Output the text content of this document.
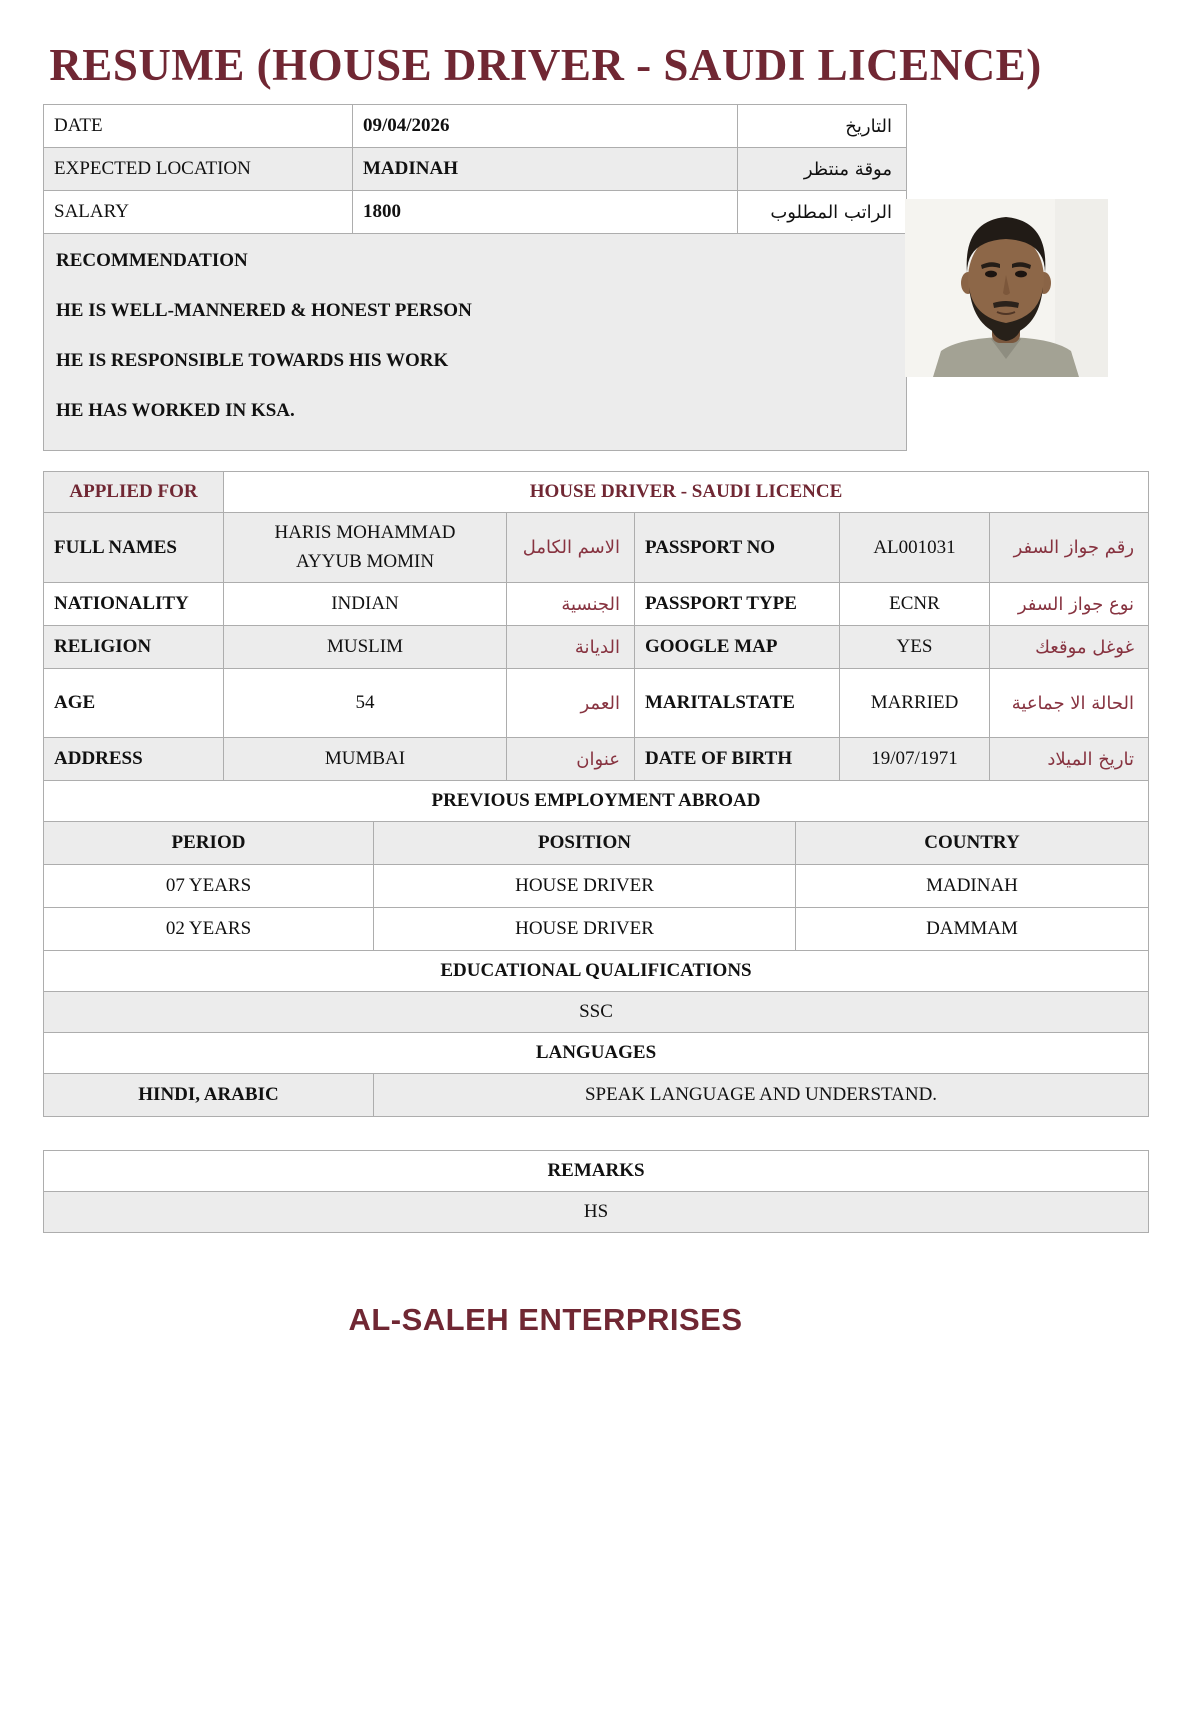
RESUME (HOUSE DRIVER - SAUDI LICENCE)
DATE	09/04/2026	التاريخ
EXPECTED LOCATION	MADINAH	موقة منتظر
SALARY	1800	الراتب المطلوب

RECOMMENDATION

HE IS WELL-MANNERED & HONEST PERSON

HE IS RESPONSIBLE TOWARDS HIS WORK

HE HAS WORKED IN KSA.		

APPLIED FOR	HOUSE DRIVER - SAUDI LICENCE				
FULL NAMES	HARIS MOHAMMAD AYYUB MOMIN	الاسم الكامل	PASSPORT NO	AL001031	رقم جواز السفر
NATIONALITY	INDIAN	الجنسية	PASSPORT TYPE	ECNR	نوع جواز السفر
RELIGION	MUSLIM	الديانة	GOOGLE MAP	YES	غوغل موقعك
AGE	54	العمر	MARITALSTATE	MARRIED	الحالة الا جماعية
ADDRESS	MUMBAI	عنوان	DATE OF BIRTH	19/07/1971	تاريخ الميلاد
PREVIOUS EMPLOYMENT ABROAD
PERIOD	POSITION	COUNTRY
07 YEARS	HOUSE DRIVER	MADINAH
02 YEARS	HOUSE DRIVER	DAMMAM
EDUCATIONAL QUALIFICATIONS
SSC
LANGUAGES
HINDI, ARABIC	SPEAK LANGUAGE AND UNDERSTAND.
REMARKS
HS
AL-SALEH ENTERPRISES
